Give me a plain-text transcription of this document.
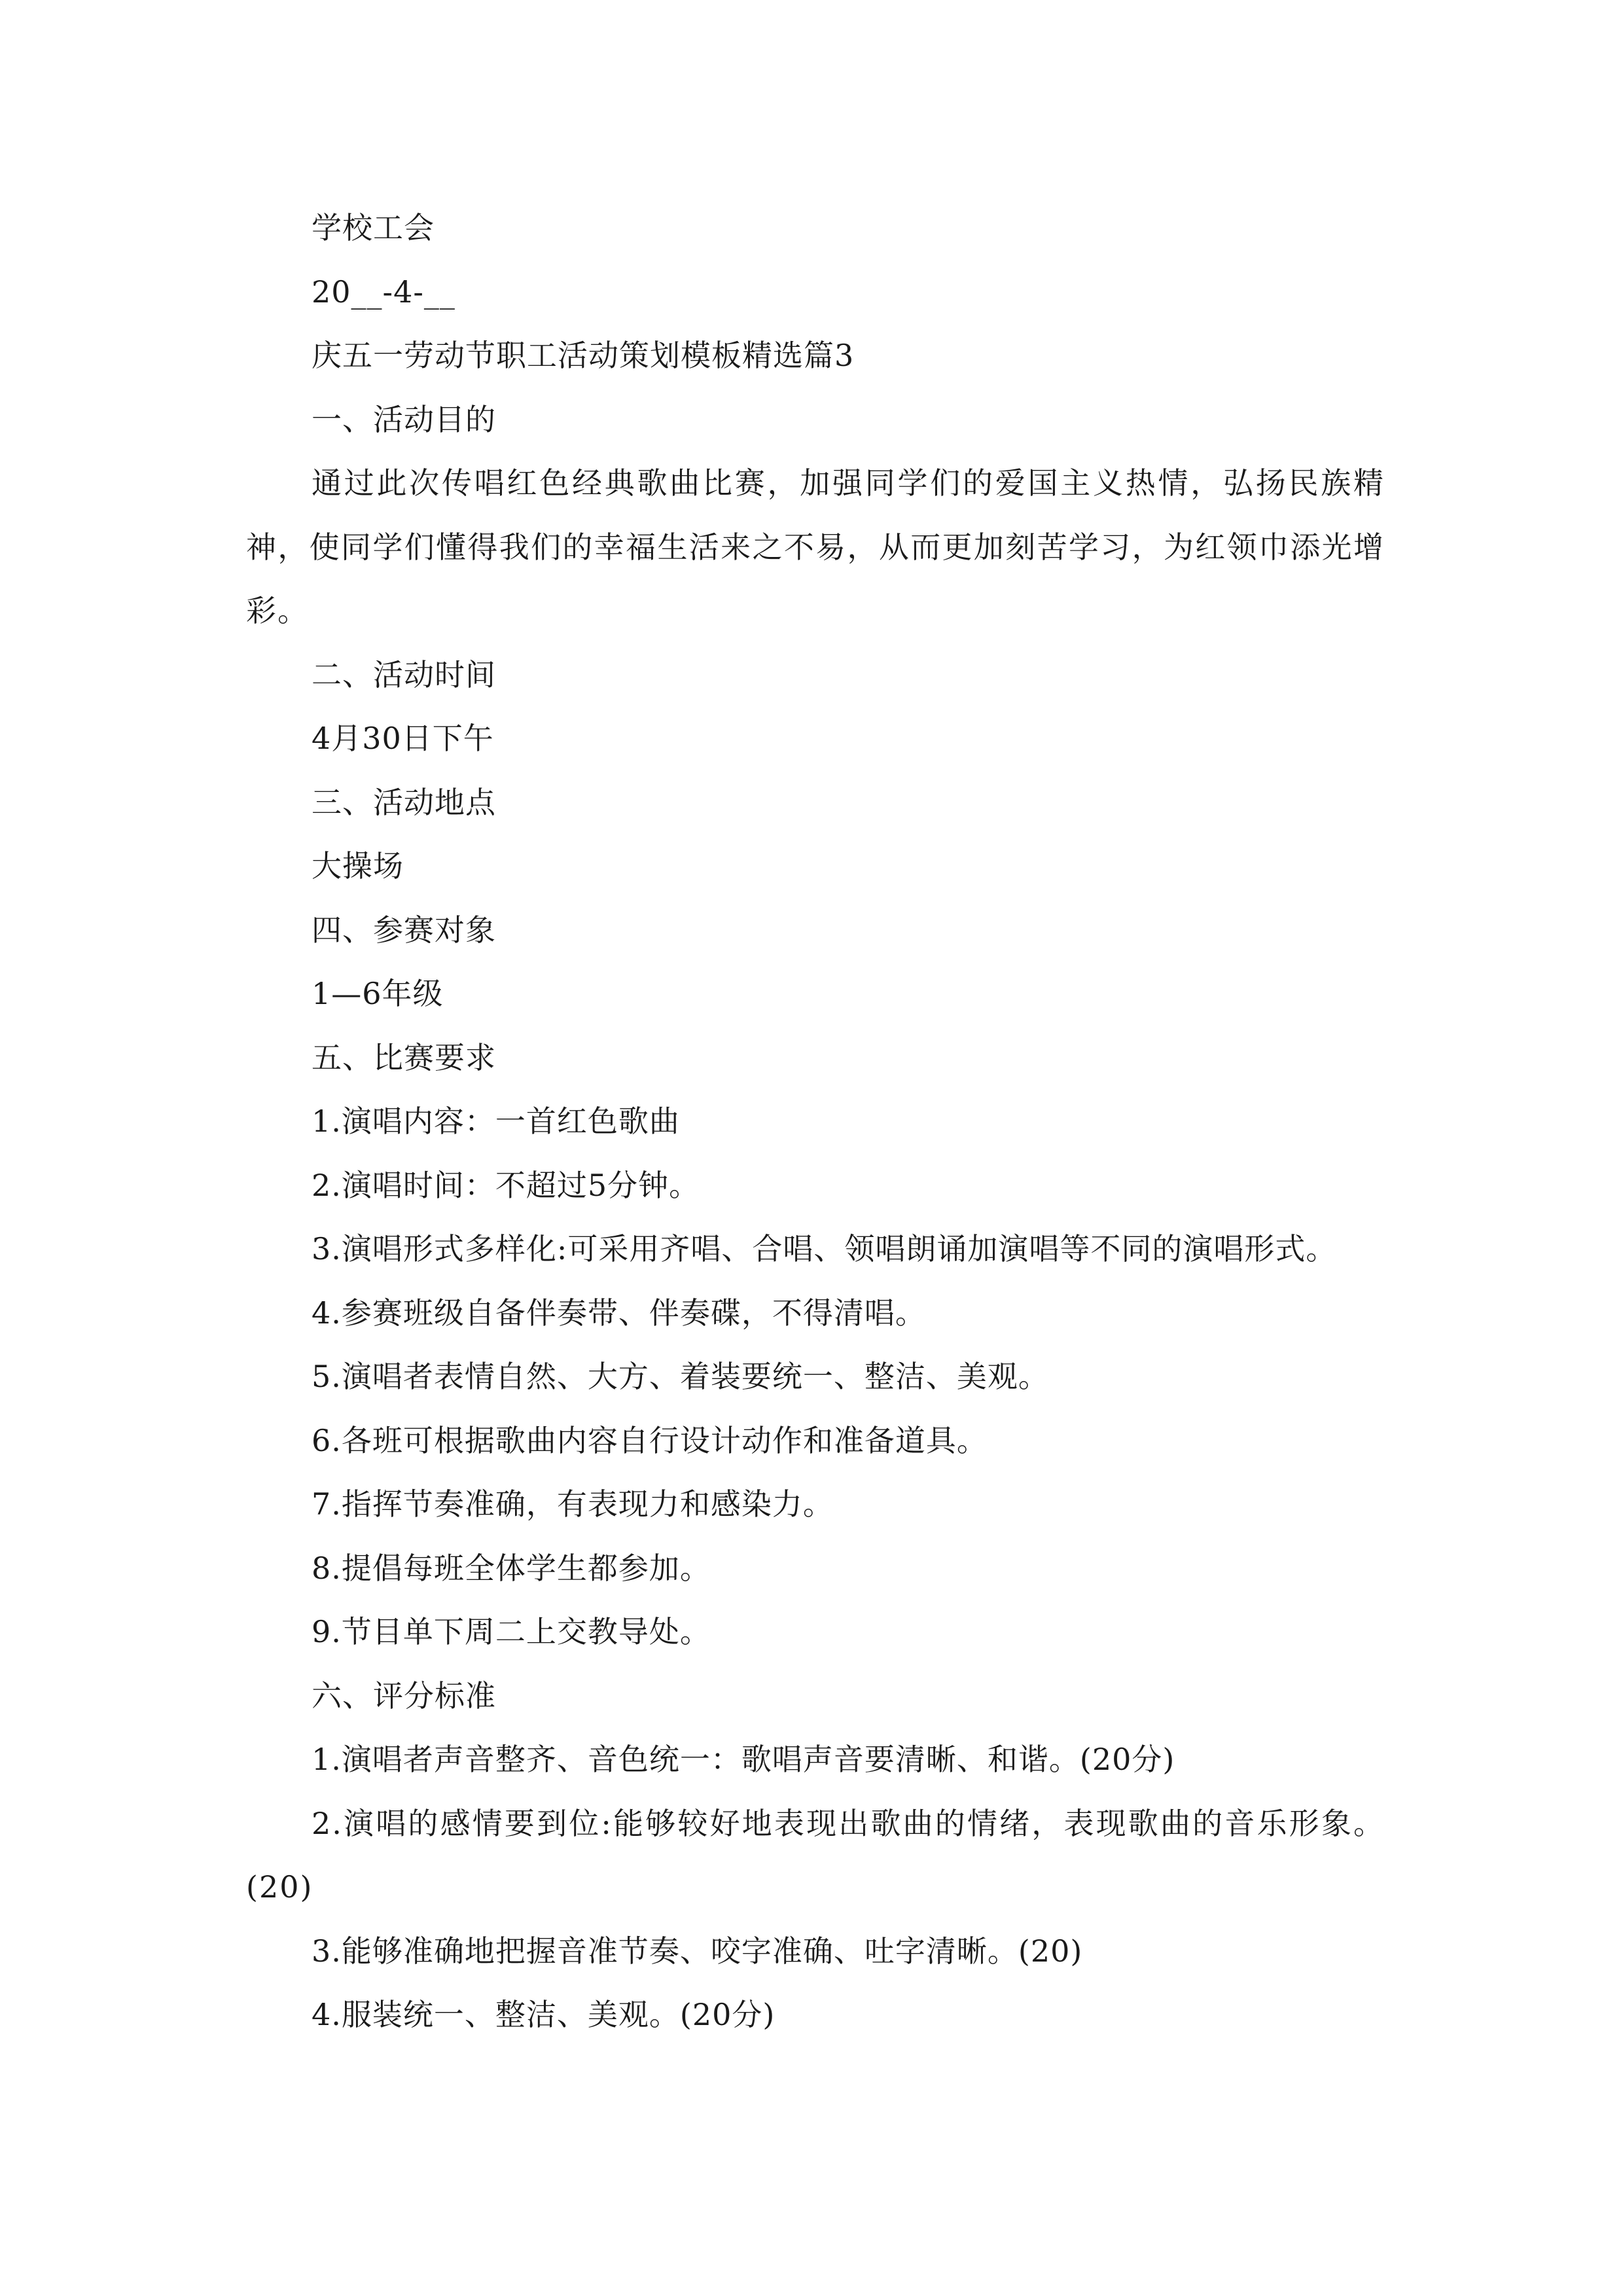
学校工会

20__-4-__

庆五一劳动节职工活动策划模板精选篇3

一、活动目的

通过此次传唱红色经典歌曲比赛，加强同学们的爱国主义热情，弘扬民族精神，使同学们懂得我们的幸福生活来之不易，从而更加刻苦学习，为红领巾添光增彩。

二、活动时间

4月30日下午

三、活动地点

大操场

四、参赛对象

1—6年级

五、比赛要求

1.演唱内容：一首红色歌曲

2.演唱时间：不超过5分钟。

3.演唱形式多样化:可采用齐唱、合唱、领唱朗诵加演唱等不同的演唱形式。

4.参赛班级自备伴奏带、伴奏碟，不得清唱。

5.演唱者表情自然、大方、着装要统一、整洁、美观。

6.各班可根据歌曲内容自行设计动作和准备道具。

7.指挥节奏准确，有表现力和感染力。

8.提倡每班全体学生都参加。

9.节目单下周二上交教导处。

六、评分标准

1.演唱者声音整齐、音色统一：歌唱声音要清晰、和谐。(20分)

2.演唱的感情要到位:能够较好地表现出歌曲的情绪，表现歌曲的音乐形象。(20)

3.能够准确地把握音准节奏、咬字准确、吐字清晰。(20)

4.服装统一、整洁、美观。(20分)
